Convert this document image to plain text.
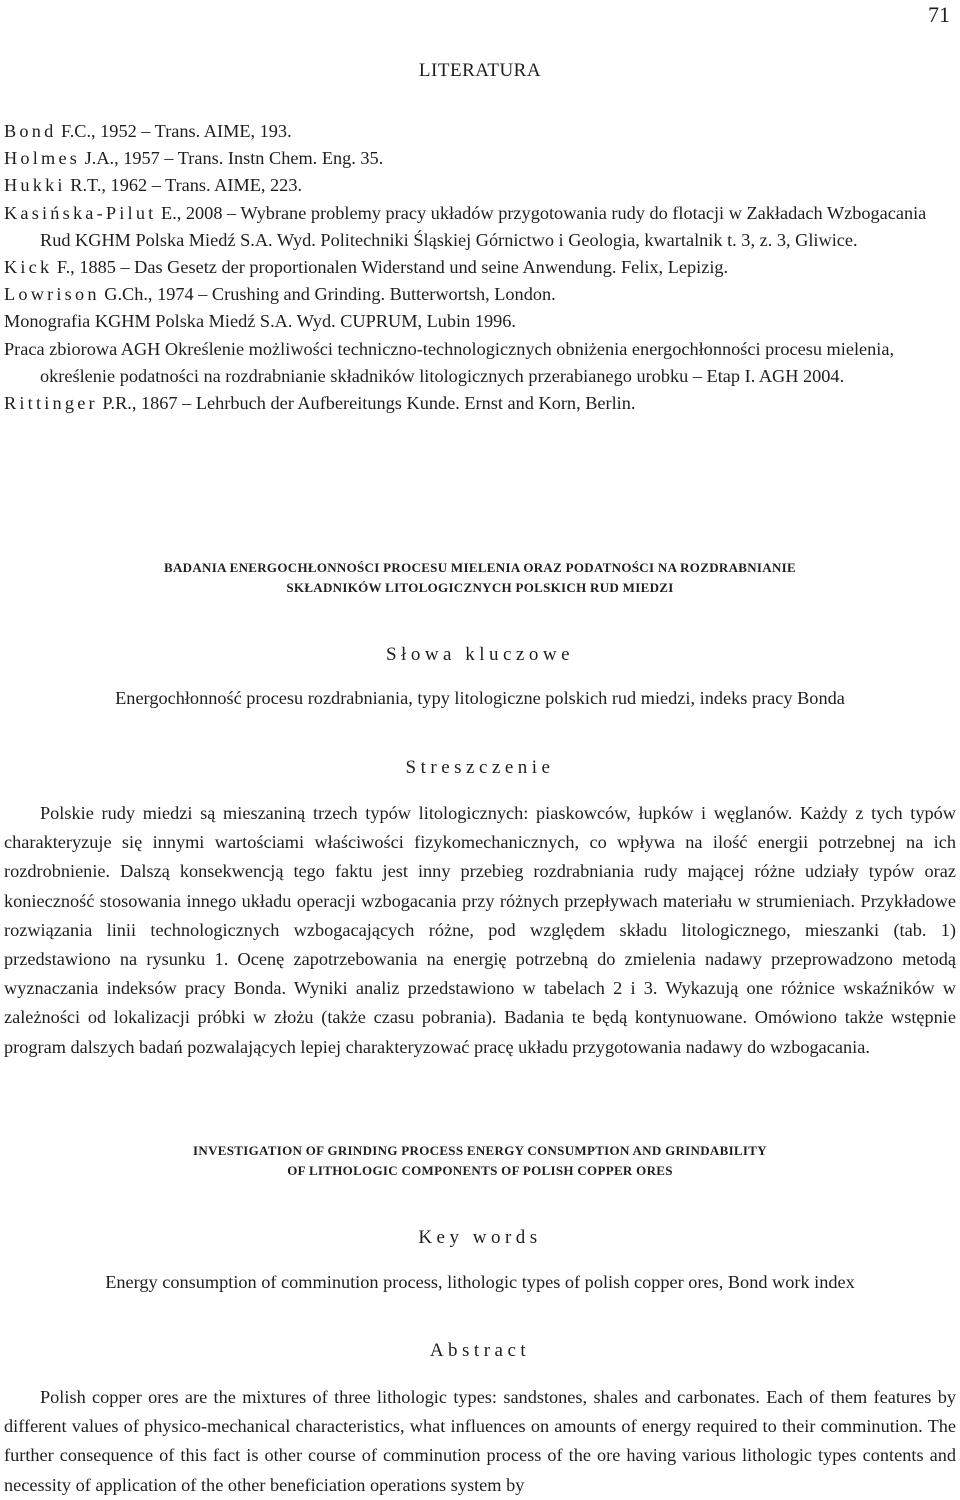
71
LITERATURA
Bond F.C., 1952 – Trans. AIME, 193.
Holmes J.A., 1957 – Trans. Instn Chem. Eng. 35.
Hukki R.T., 1962 – Trans. AIME, 223.
Kasińska-Pilut E., 2008 – Wybrane problemy pracy układów przygotowania rudy do flotacji w Zakładach Wzbogacania Rud KGHM Polska Miedź S.A. Wyd. Politechniki Śląskiej Górnictwo i Geologia, kwartalnik t. 3, z. 3, Gliwice.
Kick F., 1885 – Das Gesetz der proportionalen Widerstand und seine Anwendung. Felix, Lepizig.
Lowrison G.Ch., 1974 – Crushing and Grinding. Butterwortsh, London.
Monografia KGHM Polska Miedź S.A. Wyd. CUPRUM, Lubin 1996.
Praca zbiorowa AGH Określenie możliwości techniczno-technologicznych obniżenia energochłonności procesu mielenia, określenie podatności na rozdrabnianie składników litologicznych przerabianego urobku – Etap I. AGH 2004.
Rittinger P.R., 1867 – Lehrbuch der Aufbereitungs Kunde. Ernst and Korn, Berlin.
BADANIA ENERGOCHŁONNOŚCI PROCESU MIELENIA ORAZ PODATNOŚCI NA ROZDRABNIANIE
SKŁADNIKÓW LITOLOGICZNYCH POLSKICH RUD MIEDZI
Słowa kluczowe
Energochłonność procesu rozdrabniania, typy litologiczne polskich rud miedzi, indeks pracy Bonda
Streszczenie
Polskie rudy miedzi są mieszaniną trzech typów litologicznych: piaskowców, łupków i węglanów. Każdy z tych typów charakteryzuje się innymi wartościami właściwości fizykomechanicznych, co wpływa na ilość energii potrzebnej na ich rozdrobnienie. Dalszą konsekwencją tego faktu jest inny przebieg rozdrabniania rudy mającej różne udziały typów oraz konieczność stosowania innego układu operacji wzbogacania przy różnych przepływach materiału w strumieniach. Przykładowe rozwiązania linii technologicznych wzbogacających różne, pod względem składu litologicznego, mieszanki (tab. 1) przedstawiono na rysunku 1. Ocenę zapotrzebowania na energię potrzebną do zmielenia nadawy przeprowadzono metodą wyznaczania indeksów pracy Bonda. Wyniki analiz przedstawiono w tabelach 2 i 3. Wykazują one różnice wskaźników w zależności od lokalizacji próbki w złożu (także czasu pobrania). Badania te będą kontynuowane. Omówiono także wstępnie program dalszych badań pozwalających lepiej charakteryzować pracę układu przygotowania nadawy do wzbogacania.
INVESTIGATION OF GRINDING PROCESS ENERGY CONSUMPTION AND GRINDABILITY
OF LITHOLOGIC COMPONENTS OF POLISH COPPER ORES
Key words
Energy consumption of comminution process, lithologic types of polish copper ores, Bond work index
Abstract
Polish copper ores are the mixtures of three lithologic types: sandstones, shales and carbonates. Each of them features by different values of physico-mechanical characteristics, what influences on amounts of energy required to their comminution. The further consequence of this fact is other course of comminution process of the ore having various lithologic types contents and necessity of application of the other beneficiation operations system by
